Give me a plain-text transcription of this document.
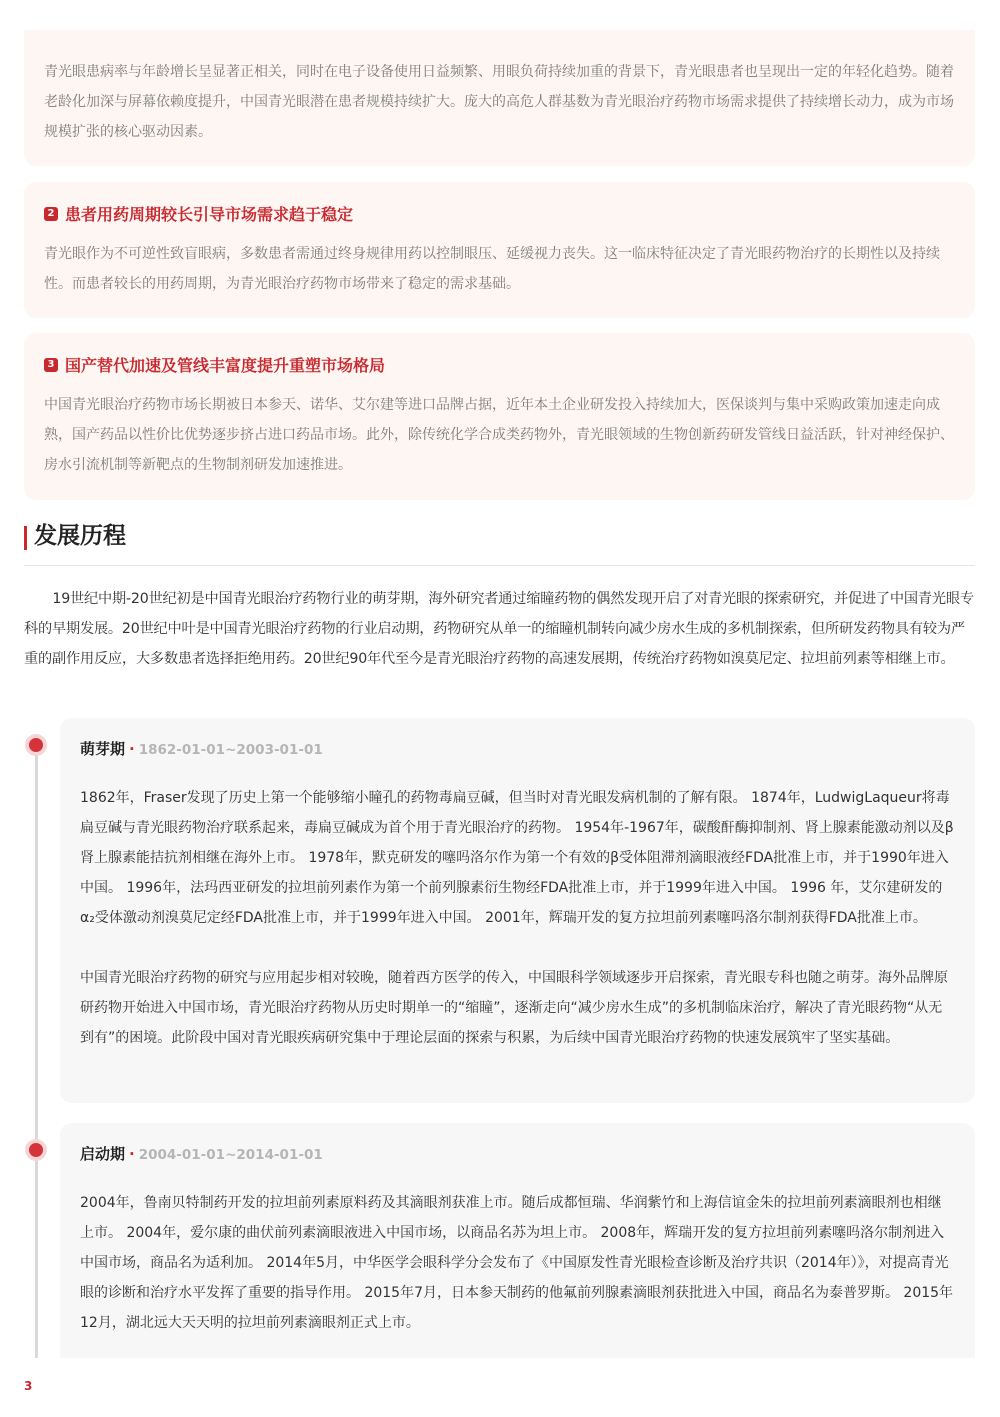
青光眼患病率与年龄增长呈显著正相关，同时在电子设备使用日益频繁、用眼负荷持续加重的背景下，青光眼患者也呈现出一定的年轻化趋势。随着老龄化加深与屏幕依赖度提升，中国青光眼潜在患者规模持续扩大。庞大的高危人群基数为青光眼治疗药物市场需求提供了持续增长动力，成为市场规模扩张的核心驱动因素。
2 患者用药周期较长引导市场需求趋于稳定
青光眼作为不可逆性致盲眼病，多数患者需通过终身规律用药以控制眼压、延缓视力丧失。这一临床特征决定了青光眼药物治疗的长期性以及持续性。而患者较长的用药周期，为青光眼治疗药物市场带来了稳定的需求基础。
3 国产替代加速及管线丰富度提升重塑市场格局
中国青光眼治疗药物市场长期被日本参天、诺华、艾尔建等进口品牌占据，近年本土企业研发投入持续加大，医保谈判与集中采购政策加速走向成熟，国产药品以性价比优势逐步挤占进口药品市场。此外，除传统化学合成类药物外，青光眼领域的生物创新药研发管线日益活跃，针对神经保护、房水引流机制等新靶点的生物制剂研发加速推进。
发展历程
19世纪中期-20世纪初是中国青光眼治疗药物行业的萌芽期，海外研究者通过缩瞳药物的偶然发现开启了对青光眼的探索研究，并促进了中国青光眼专科的早期发展。20世纪中叶是中国青光眼治疗药物的行业启动期，药物研究从单一的缩瞳机制转向减少房水生成的多机制探索，但所研发药物具有较为严重的副作用反应，大多数患者选择拒绝用药。20世纪90年代至今是青光眼治疗药物的高速发展期，传统治疗药物如溴莫尼定、拉坦前列素等相继上市。
萌芽期 · 1862-01-01~2003-01-01
1862年，Fraser发现了历史上第一个能够缩小瞳孔的药物毒扁豆碱，但当时对青光眼发病机制的了解有限。 1874年，LudwigLaqueur将毒扁豆碱与青光眼药物治疗联系起来，毒扁豆碱成为首个用于青光眼治疗的药物。 1954年-1967年，碳酸酐酶抑制剂、肾上腺素能激动剂以及β肾上腺素能拮抗剂相继在海外上市。 1978年，默克研发的噻吗洛尔作为第一个有效的β受体阻滞剂滴眼液经FDA批准上市，并于1990年进入中国。 1996年，法玛西亚研发的拉坦前列素作为第一个前列腺素衍生物经FDA批准上市，并于1999年进入中国。 1996 年，艾尔建研发的α₂受体激动剂溴莫尼定经FDA批准上市，并于1999年进入中国。 2001年，辉瑞开发的复方拉坦前列素噻吗洛尔制剂获得FDA批准上市。
中国青光眼治疗药物的研究与应用起步相对较晚，随着西方医学的传入，中国眼科学领域逐步开启探索，青光眼专科也随之萌芽。海外品牌原研药物开始进入中国市场，青光眼治疗药物从历史时期单一的“缩瞳”，逐渐走向“减少房水生成”的多机制临床治疗，解决了青光眼药物“从无到有”的困境。此阶段中国对青光眼疾病研究集中于理论层面的探索与积累，为后续中国青光眼治疗药物的快速发展筑牢了坚实基础。
启动期 · 2004-01-01~2014-01-01
2004年，鲁南贝特制药开发的拉坦前列素原料药及其滴眼剂获准上市。随后成都恒瑞、华润紫竹和上海信谊金朱的拉坦前列素滴眼剂也相继上市。 2004年，爱尔康的曲伏前列素滴眼液进入中国市场，以商品名苏为坦上市。 2008年，辉瑞开发的复方拉坦前列素噻吗洛尔制剂进入中国市场，商品名为适利加。 2014年5月，中华医学会眼科学分会发布了《中国原发性青光眼检查诊断及治疗共识（2014年）》，对提高青光眼的诊断和治疗水平发挥了重要的指导作用。 2015年7月，日本参天制药的他氟前列腺素滴眼剂获批进入中国，商品名为泰普罗斯。 2015年12月，湖北远大天天明的拉坦前列素滴眼剂正式上市。
3
